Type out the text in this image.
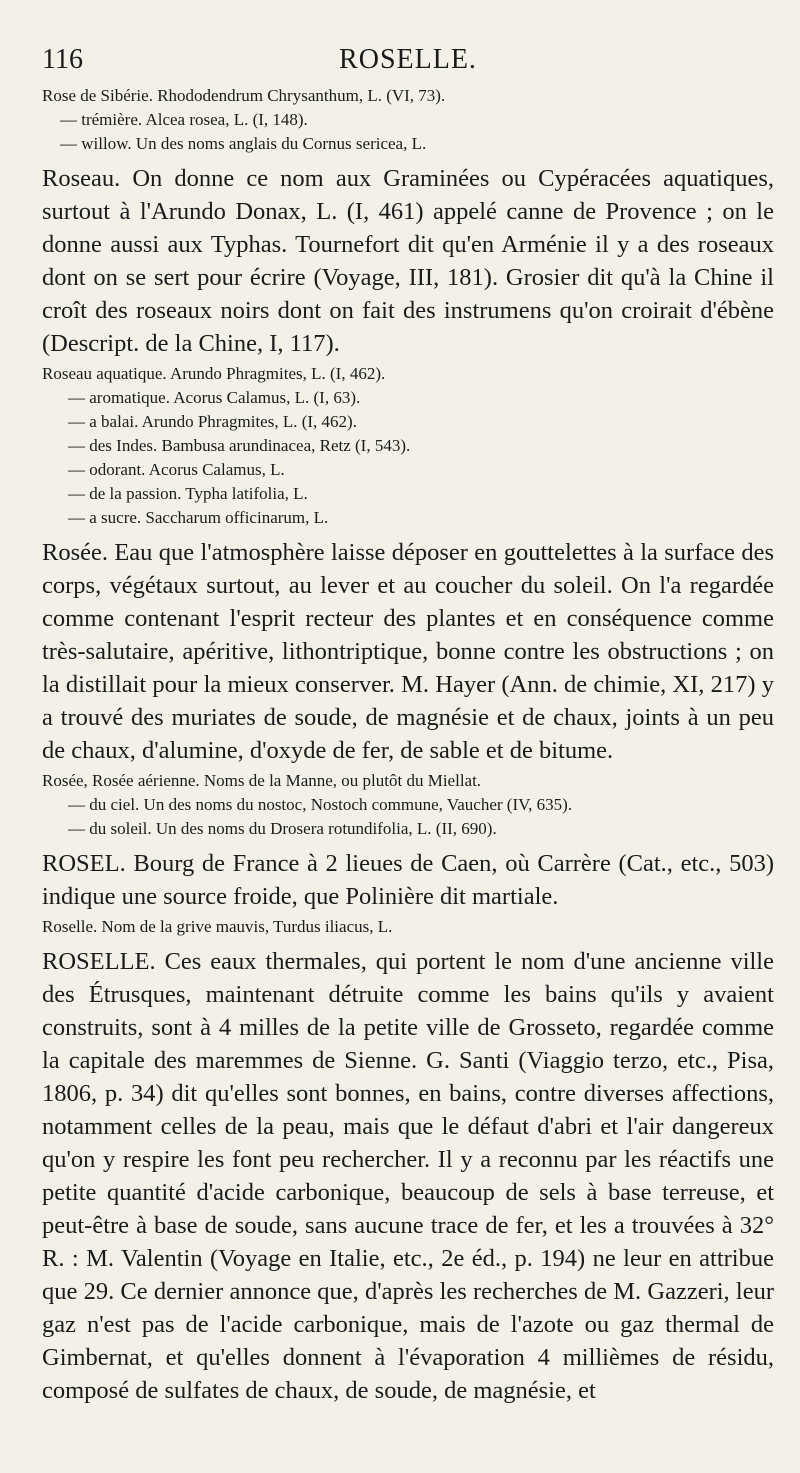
116	ROSELLE.

Rose de Sibérie. Rhododendrum Chrysanthum, L. (VI, 73).

— trémière. Alcea rosea, L. (I, 148).

— willow. Un des noms anglais du Cornus sericea, L.

Roseau. On donne ce nom aux Graminées ou Cypéracées aquatiques, surtout à l'Arundo Donax, L. (I, 461) appelé canne de Provence ; on le donne aussi aux Typhas. Tournefort dit qu'en Arménie il y a des roseaux dont on se sert pour écrire (Voyage, III, 181). Grosier dit qu'à la Chine il croît des roseaux noirs dont on fait des instrumens qu'on croirait d'ébène (Descript. de la Chine, I, 117).

Roseau aquatique. Arundo Phragmites, L. (I, 462).

— aromatique. Acorus Calamus, L. (I, 63).

— a balai. Arundo Phragmites, L. (I, 462).

— des Indes. Bambusa arundinacea, Retz (I, 543).

— odorant. Acorus Calamus, L.

— de la passion. Typha latifolia, L.

— a sucre. Saccharum officinarum, L.

Rosée. Eau que l'atmosphère laisse déposer en gouttelettes à la surface des corps, végétaux surtout, au lever et au coucher du soleil. On l'a regardée comme contenant l'esprit recteur des plantes et en conséquence comme très-salutaire, apéritive, lithontriptique, bonne contre les obstructions ; on la distillait pour la mieux conserver. M. Hayer (Ann. de chimie, XI, 217) y a trouvé des muriates de soude, de magnésie et de chaux, joints à un peu de chaux, d'alumine, d'oxyde de fer, de sable et de bitume.

Rosée, Rosée aérienne. Noms de la Manne, ou plutôt du Miellat.

— du ciel. Un des noms du nostoc, Nostoch commune, Vaucher (IV, 635).

— du soleil. Un des noms du Drosera rotundifolia, L. (II, 690).

ROSEL. Bourg de France à 2 lieues de Caen, où Carrère (Cat., etc., 503) indique une source froide, que Polinière dit martiale.

Roselle. Nom de la grive mauvis, Turdus iliacus, L.

ROSELLE. Ces eaux thermales, qui portent le nom d'une ancienne ville des Étrusques, maintenant détruite comme les bains qu'ils y avaient construits, sont à 4 milles de la petite ville de Grosseto, regardée comme la capitale des maremmes de Sienne. G. Santi (Viaggio terzo, etc., Pisa, 1806, p. 34) dit qu'elles sont bonnes, en bains, contre diverses affections, notamment celles de la peau, mais que le défaut d'abri et l'air dangereux qu'on y respire les font peu rechercher. Il y a reconnu par les réactifs une petite quantité d'acide carbonique, beaucoup de sels à base terreuse, et peut-être à base de soude, sans aucune trace de fer, et les a trouvées à 32° R. : M. Valentin (Voyage en Italie, etc., 2e éd., p. 194) ne leur en attribue que 29. Ce dernier annonce que, d'après les recherches de M. Gazzeri, leur gaz n'est pas de l'acide carbonique, mais de l'azote ou gaz thermal de Gimbernat, et qu'elles donnent à l'évaporation 4 millièmes de résidu, composé de sulfates de chaux, de soude, de magnésie, et
